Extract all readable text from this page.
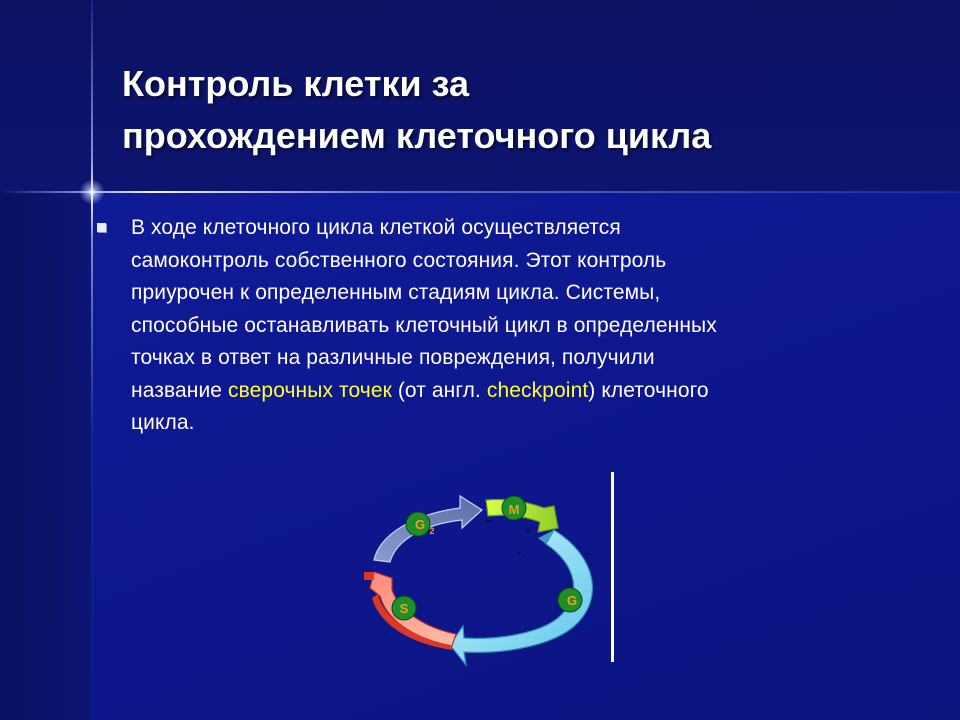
Контроль клетки за
прохождением клеточного цикла

В ходе клеточного цикла клеткой осуществляется
самоконтроль собственного состояния. Этот контроль
приурочен к определенным стадиям цикла. Системы,
способные останавливать клеточный цикл в определенных
точках в ответ на различные повреждения, получили
название сверочных точек (от англ. checkpoint) клеточного
цикла.

M
G 2
S
G
